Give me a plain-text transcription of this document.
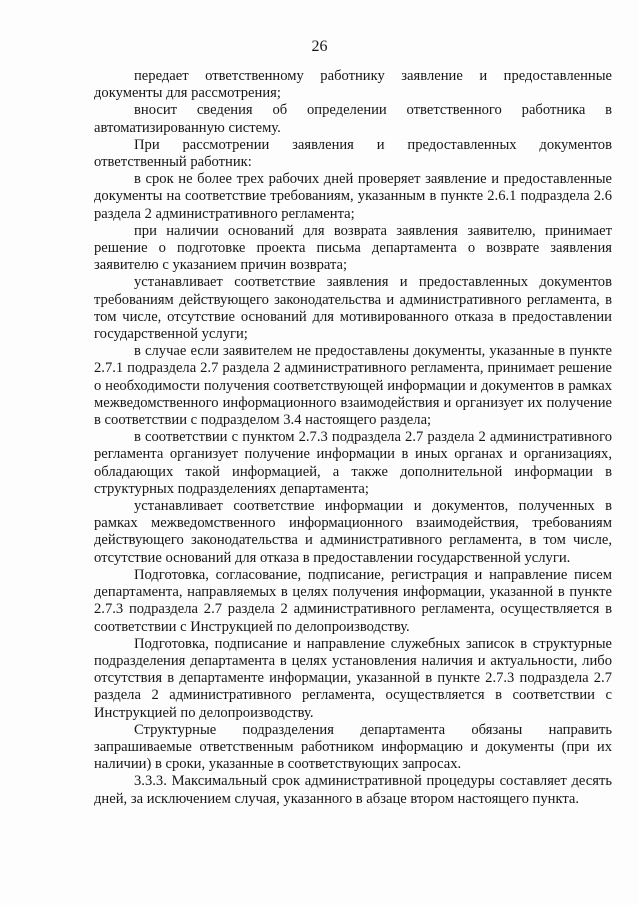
26

передает ответственному работнику заявление и предоставленные документы для рассмотрения;

вносит сведения об определении ответственного работника в автоматизированную систему.

При рассмотрении заявления и предоставленных документов ответственный работник:

в срок не более трех рабочих дней проверяет заявление и предоставленные документы на соответствие требованиям, указанным в пункте 2.6.1 подраздела 2.6 раздела 2 административного регламента;

при наличии оснований для возврата заявления заявителю, принимает решение о подготовке проекта письма департамента о возврате заявления заявителю с указанием причин возврата;

устанавливает соответствие заявления и предоставленных документов требованиям действующего законодательства и административного регламента, в том числе, отсутствие оснований для мотивированного отказа в предоставлении государственной услуги;

в случае если заявителем не предоставлены документы, указанные в пункте 2.7.1 подраздела 2.7 раздела 2 административного регламента, принимает решение о необходимости получения соответствующей информации и документов в рамках межведомственного информационного взаимодействия и организует их получение в соответствии с подразделом 3.4 настоящего раздела;

в соответствии с пунктом 2.7.3 подраздела 2.7 раздела 2 административного регламента организует получение информации в иных органах и организациях, обладающих такой информацией, а также дополнительной информации в структурных подразделениях департамента;

устанавливает соответствие информации и документов, полученных в рамках межведомственного информационного взаимодействия, требованиям действующего законодательства и административного регламента, в том числе, отсутствие оснований для отказа в предоставлении государственной услуги.

Подготовка, согласование, подписание, регистрация и направление писем департамента, направляемых в целях получения информации, указанной в пункте 2.7.3 подраздела 2.7 раздела 2 административного регламента, осуществляется в соответствии с Инструкцией по делопроизводству.

Подготовка, подписание и направление служебных записок в структурные подразделения департамента в целях установления наличия и актуальности, либо отсутствия в департаменте информации, указанной в пункте 2.7.3 подраздела 2.7 раздела 2 административного регламента, осуществляется в соответствии с Инструкцией по делопроизводству.

Структурные подразделения департамента обязаны направить запрашиваемые ответственным работником информацию и документы (при их наличии) в сроки, указанные в соответствующих запросах.

3.3.3. Максимальный срок административной процедуры составляет десять дней, за исключением случая, указанного в абзаце втором настоящего пункта.
